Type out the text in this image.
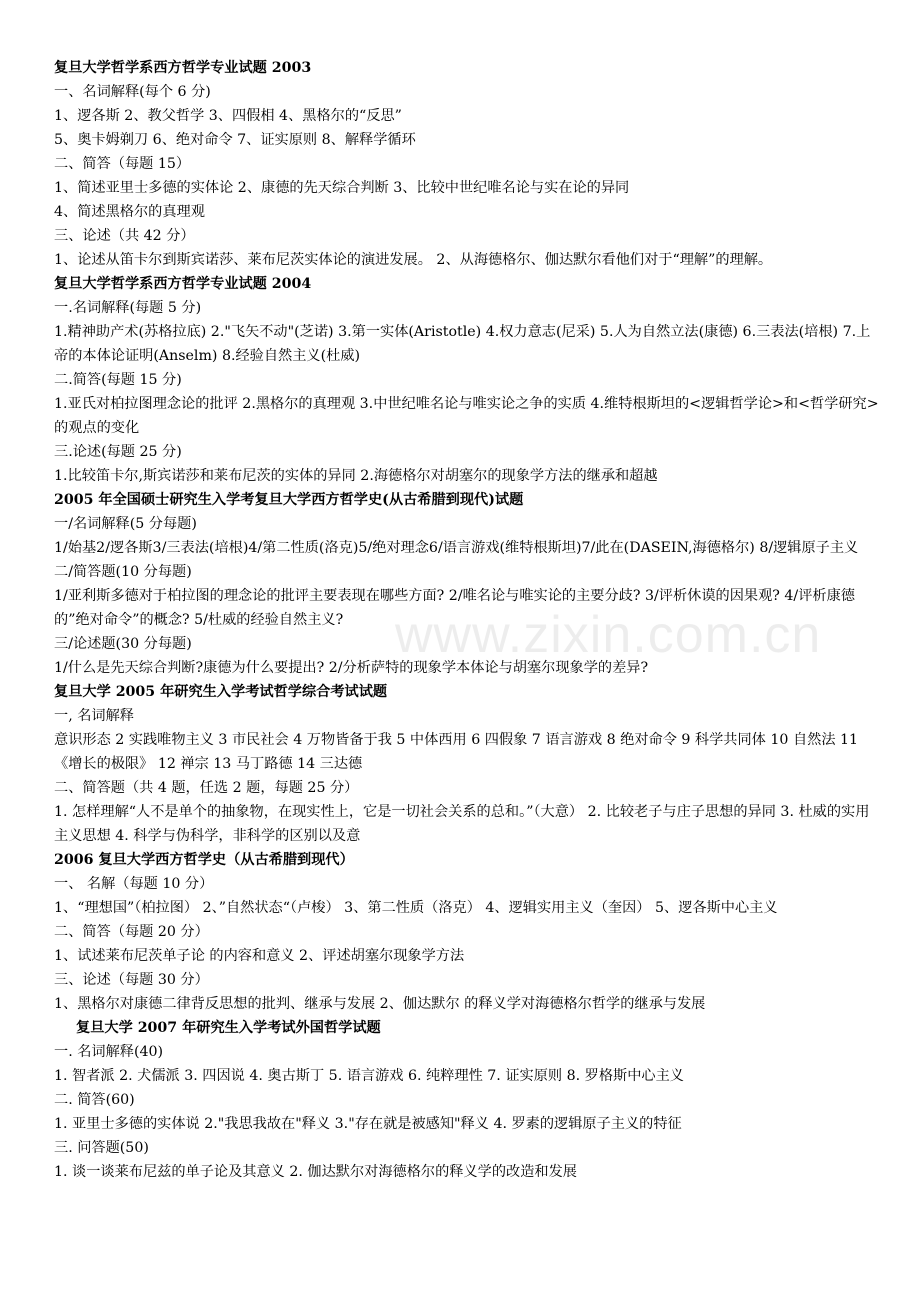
复旦大学哲学系西方哲学专业试题 2003
一、名词解释(每个 6 分)
1、逻各斯 2、教父哲学 3、四假相 4、黑格尔的“反思”
5、奥卡姆剃刀 6、绝对命令 7、证实原则 8、解释学循环
二、简答（每题 15）
1、简述亚里士多德的实体论 2、康德的先天综合判断 3、比较中世纪唯名论与实在论的异同
4、简述黑格尔的真理观
三、论述（共 42 分）
1、论述从笛卡尔到斯宾诺莎、莱布尼茨实体论的演进发展。 2、从海德格尔、伽达默尔看他们对于“理解”的理解。
复旦大学哲学系西方哲学专业试题 2004
一.名词解释(每题 5 分)
1.精神助产术(苏格拉底) 2."飞矢不动"(芝诺) 3.第一实体(Aristotle) 4.权力意志(尼采) 5.人为自然立法(康德) 6.三表法(培根) 7.上帝的本体论证明(Anselm) 8.经验自然主义(杜威)
二.简答(每题 15 分)
1.亚氏对柏拉图理念论的批评 2.黑格尔的真理观 3.中世纪唯名论与唯实论之争的实质 4.维特根斯坦的<逻辑哲学论>和<哲学研究>的观点的变化
三.论述(每题 25 分)
1.比较笛卡尔,斯宾诺莎和莱布尼茨的实体的异同 2.海德格尔对胡塞尔的现象学方法的继承和超越
2005 年全国硕士研究生入学考复旦大学西方哲学史(从古希腊到现代)试题
一/名词解释(5 分每题)
1/始基2/逻各斯3/三表法(培根)4/第二性质(洛克)5/绝对理念6/语言游戏(维特根斯坦)7/此在(DASEIN,海德格尔) 8/逻辑原子主义
二/简答题(10 分每题)
1/亚利斯多德对于柏拉图的理念论的批评主要表现在哪些方面? 2/唯名论与唯实论的主要分歧? 3/评析休谟的因果观? 4/评析康德的”绝对命令”的概念? 5/杜威的经验自然主义?
三/论述题(30 分每题)
1/什么是先天综合判断?康德为什么要提出? 2/分析萨特的现象学本体论与胡塞尔现象学的差异?
复旦大学 2005 年研究生入学考试哲学综合考试试题
一, 名词解释
意识形态 2 实践唯物主义 3 市民社会 4 万物皆备于我 5 中体西用 6 四假象 7 语言游戏 8 绝对命令 9 科学共同体 10 自然法 11《增长的极限》 12 禅宗 13 马丁路德 14 三达德
二、简答题（共 4 题，任选 2 题，每题 25 分）
1. 怎样理解“人不是单个的抽象物，在现实性上，它是一切社会关系的总和。”（大意） 2. 比较老子与庄子思想的异同 3. 杜威的实用主义思想 4. 科学与伪科学，非科学的区别以及意
2006 复旦大学西方哲学史（从古希腊到现代）
一、 名解（每题 10 分）
1、“理想国”（柏拉图） 2、”自然状态“（卢梭） 3、第二性质（洛克） 4、逻辑实用主义（奎因） 5、逻各斯中心主义
二、简答（每题 20 分）
1、试述莱布尼茨单子论 的内容和意义 2、评述胡塞尔现象学方法
三、论述（每题 30 分）
1、黑格尔对康德二律背反思想的批判、继承与发展 2、伽达默尔 的释义学对海德格尔哲学的继承与发展
复旦大学 2007 年研究生入学考试外国哲学试题
一. 名词解释(40)
1. 智者派 2. 犬儒派 3. 四因说 4. 奥古斯丁 5. 语言游戏 6. 纯粹理性 7. 证实原则 8. 罗格斯中心主义
二. 简答(60)
1. 亚里士多德的实体说 2."我思我故在"释义 3."存在就是被感知"释义 4. 罗素的逻辑原子主义的特征
三. 问答题(50)
1. 谈一谈莱布尼兹的单子论及其意义 2. 伽达默尔对海德格尔的释义学的改造和发展
www.zixin.com.cn
